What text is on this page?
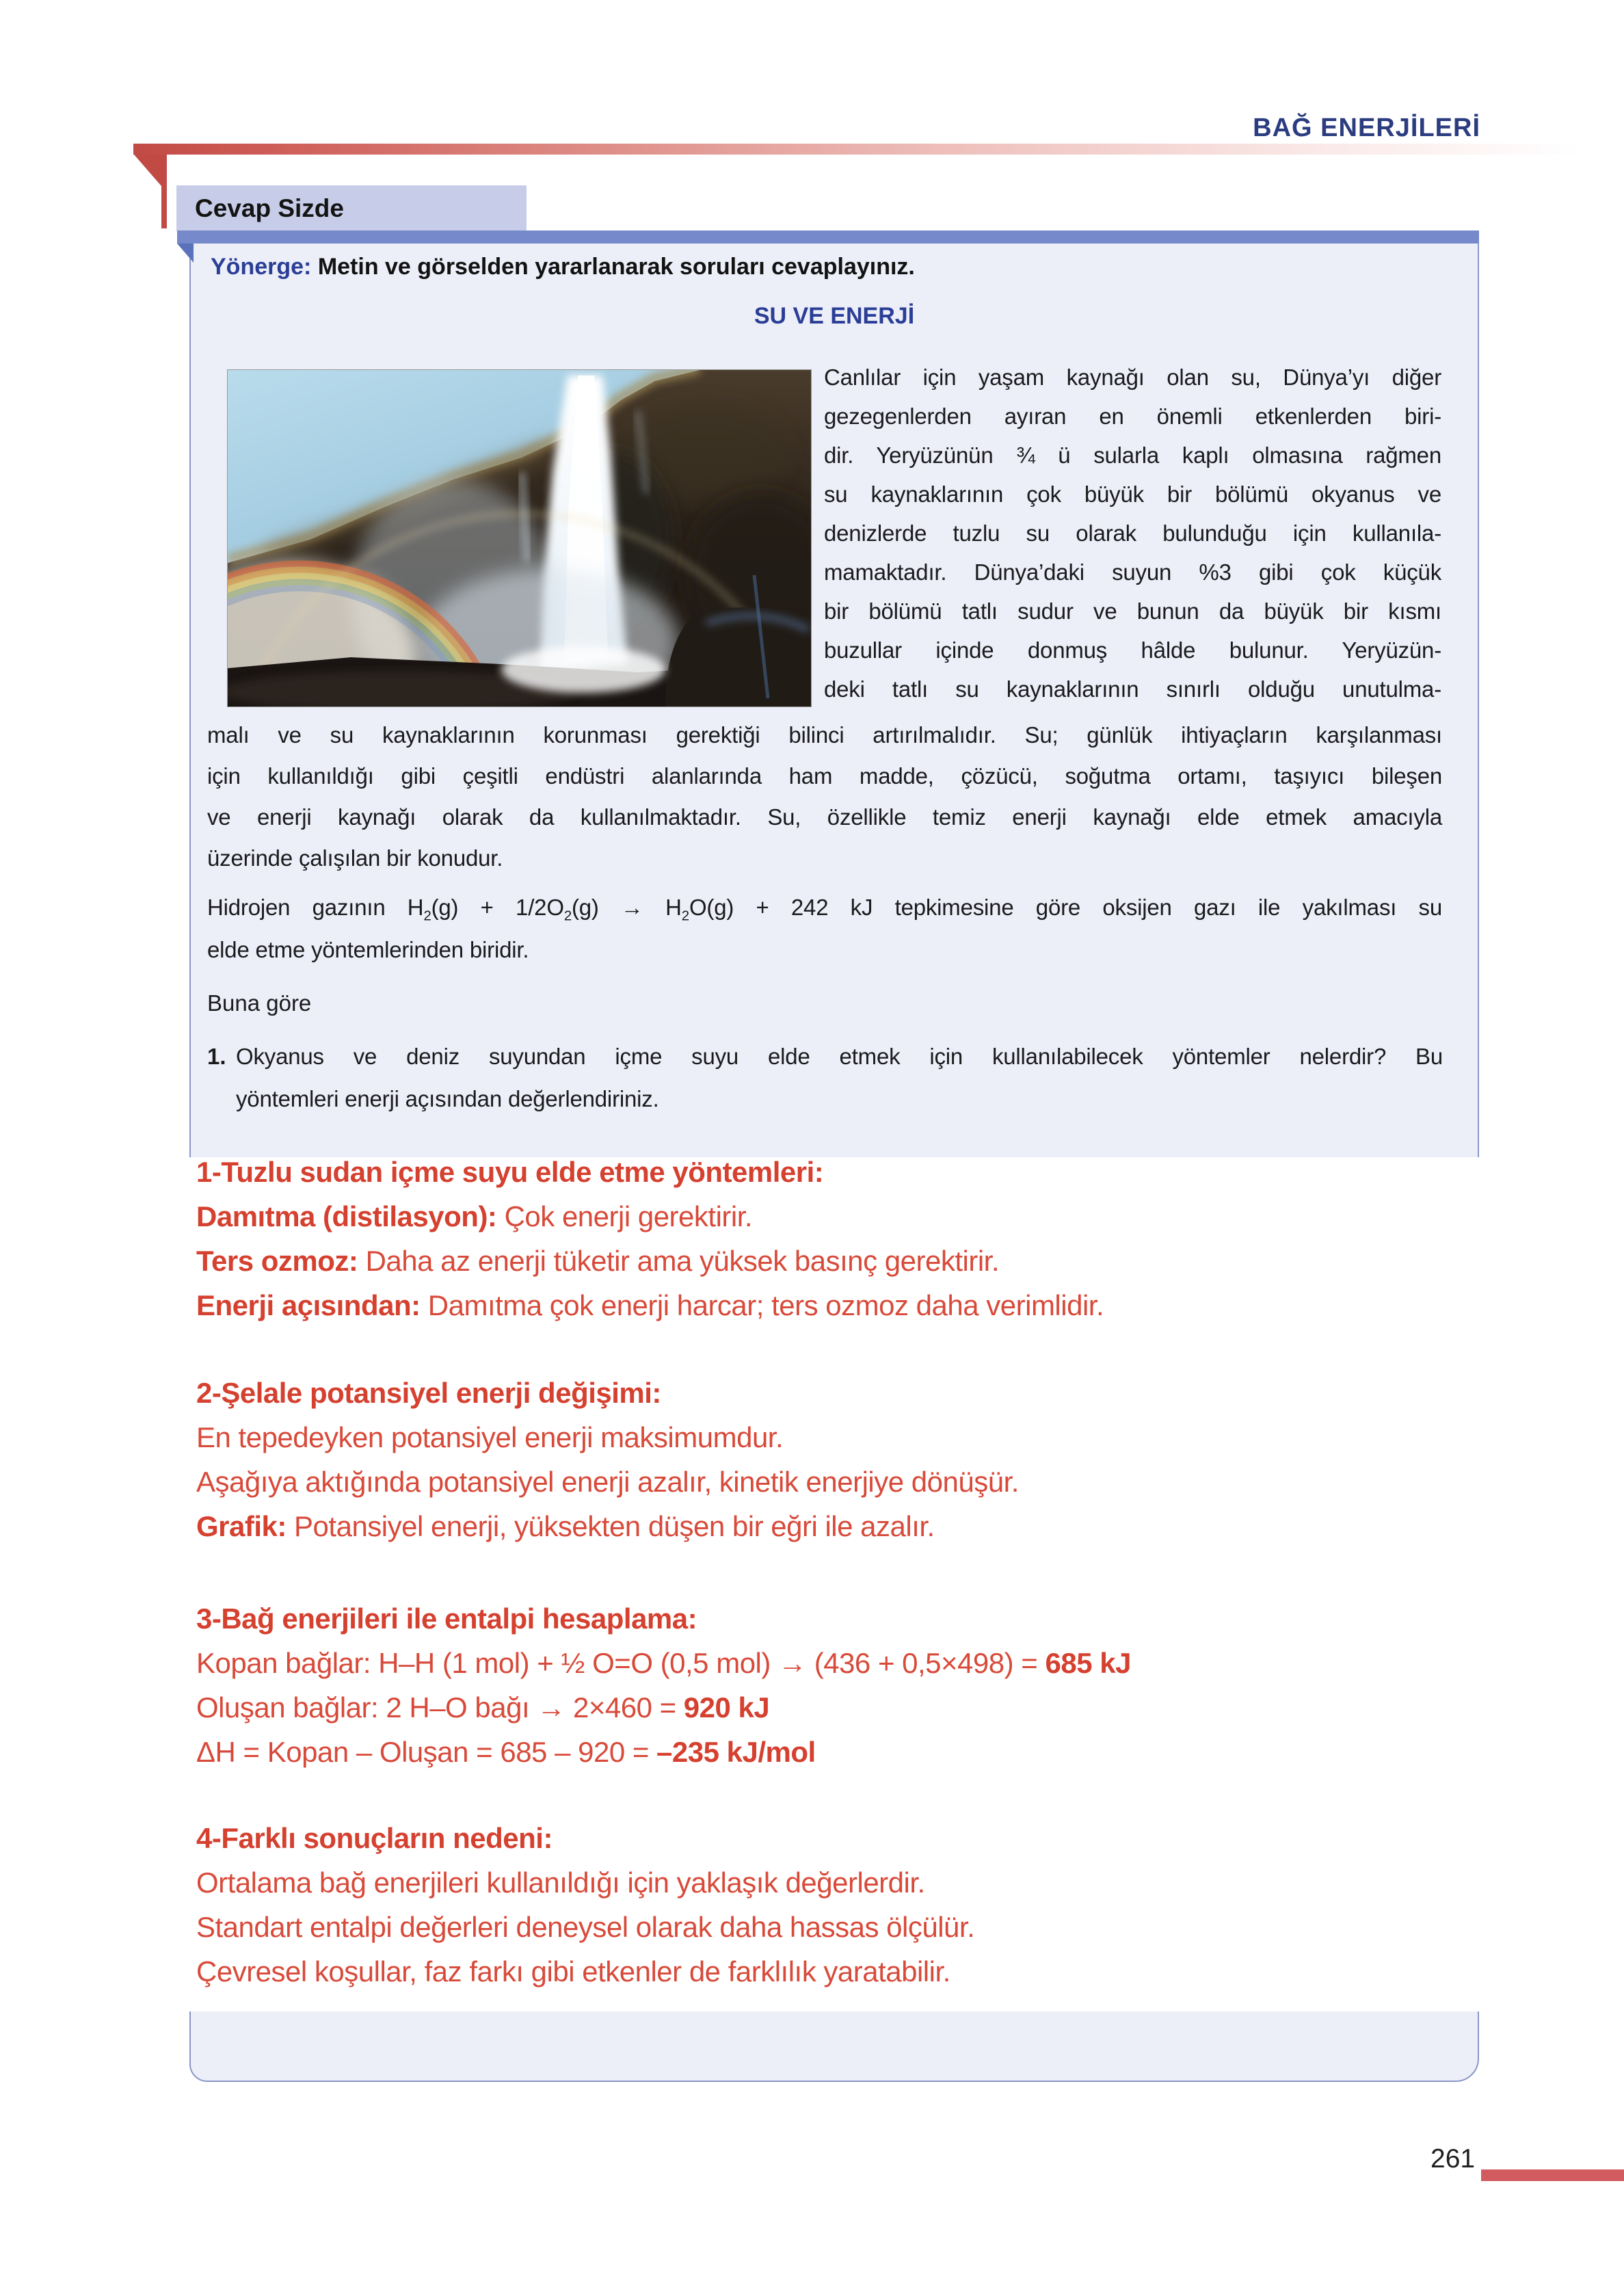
BAĞ ENERJİLERİ
Cevap Sizde
Yönerge: Metin ve görselden yararlanarak soruları cevaplayınız.
SU VE ENERJİ
Canlılar için yaşam kaynağı olan su, Dünya’yı diğer
gezegenlerden ayıran en önemli etkenlerden biri-
dir. Yeryüzünün ¾ ü sularla kaplı olmasına rağmen
su kaynaklarının çok büyük bir bölümü okyanus ve
denizlerde tuzlu su olarak bulunduğu için kullanıla-
mamaktadır. Dünya’daki suyun %3 gibi çok küçük
bir bölümü tatlı sudur ve bunun da büyük bir kısmı
buzullar içinde donmuş hâlde bulunur. Yeryüzün-
deki tatlı su kaynaklarının sınırlı olduğu unutulma-
malı ve su kaynaklarının korunması gerektiği bilinci artırılmalıdır. Su; günlük ihtiyaçların karşılanması
için kullanıldığı gibi çeşitli endüstri alanlarında ham madde, çözücü, soğutma ortamı, taşıyıcı bileşen
ve enerji kaynağı olarak da kullanılmaktadır. Su, özellikle temiz enerji kaynağı elde etmek amacıyla
üzerinde çalışılan bir konudur.
Hidrojen gazının $H_2(g) + 1/2O_2(g) \to H_2O(g) + 242$ kJ tepkimesine göre oksijen gazı ile yakılması su
elde etme yöntemlerinden biridir.
Buna göre
1. Okyanus ve deniz suyundan içme suyu elde etmek için kullanılabilecek yöntemler nelerdir? Bu
yöntemleri enerji açısından değerlendiriniz.
1-Tuzlu sudan içme suyu elde etme yöntemleri:
Damıtma (distilasyon): Çok enerji gerektirir.
Ters ozmoz: Daha az enerji tüketir ama yüksek basınç gerektirir.
Enerji açısından: Damıtma çok enerji harcar; ters ozmoz daha verimlidir.
2-Şelale potansiyel enerji değişimi:
En tepedeyken potansiyel enerji maksimumdur.
Aşağıya aktığında potansiyel enerji azalır, kinetik enerjiye dönüşür.
Grafik: Potansiyel enerji, yüksekten düşen bir eğri ile azalır.
3-Bağ enerjileri ile entalpi hesaplama:
Kopan bağlar: H–H (1 mol) + ½ O=O (0,5 mol) → (436 + 0,5×498) = 685 kJ
Oluşan bağlar: 2 H–O bağı → 2×460 = 920 kJ
ΔH = Kopan – Oluşan = 685 – 920 = –235 kJ/mol
4-Farklı sonuçların nedeni:
Ortalama bağ enerjileri kullanıldığı için yaklaşık değerlerdir.
Standart entalpi değerleri deneysel olarak daha hassas ölçülür.
Çevresel koşullar, faz farkı gibi etkenler de farklılık yaratabilir.
261
